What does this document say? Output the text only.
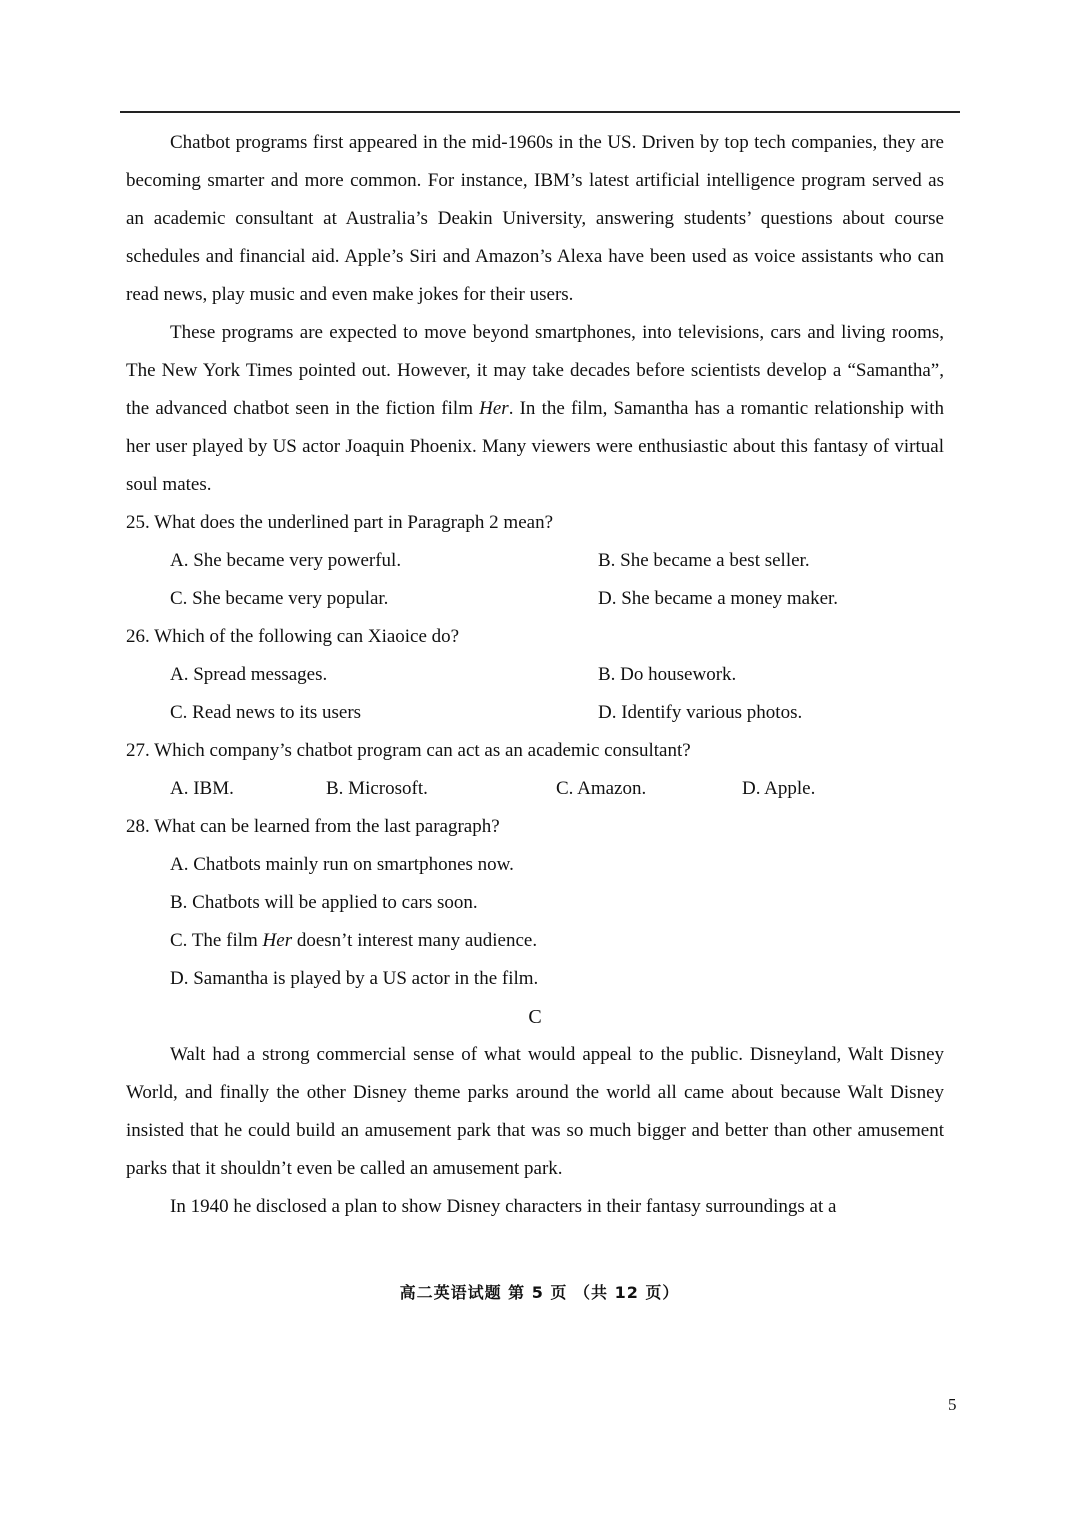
Chatbot programs first appeared in the mid-1960s in the US. Driven by top tech companies, they are becoming smarter and more common. For instance, IBM’s latest artificial intelligence program served as an academic consultant at Australia’s Deakin University, answering students’ questions about course schedules and financial aid. Apple’s Siri and Amazon’s Alexa have been used as voice assistants who can read news, play music and even make jokes for their users.

These programs are expected to move beyond smartphones, into televisions, cars and living rooms, The New York Times pointed out. However, it may take decades before scientists develop a “Samantha”, the advanced chatbot seen in the fiction film Her. In the film, Samantha has a romantic relationship with her user played by US actor Joaquin Phoenix. Many viewers were enthusiastic about this fantasy of virtual soul mates.

25. What does the underlined part in Paragraph 2 mean?

A. She became very powerful.	B. She became a best seller.
C. She became very popular.	D. She became a money maker.

26. Which of the following can Xiaoice do?

A. Spread messages.	B. Do housework.
C. Read news to its users	D. Identify various photos.

27. Which company’s chatbot program can act as an academic consultant?

A. IBM.	B. Microsoft.	C. Amazon.	D. Apple.

28. What can be learned from the last paragraph?

A. Chatbots mainly run on smartphones now.

B. Chatbots will be applied to cars soon.

C. The film Her doesn’t interest many audience.

D. Samantha is played by a US actor in the film.

C

Walt had a strong commercial sense of what would appeal to the public. Disneyland, Walt Disney World, and finally the other Disney theme parks around the world all came about because Walt Disney insisted that he could build an amusement park that was so much bigger and better than other amusement parks that it shouldn’t even be called an amusement park.

In 1940 he disclosed a plan to show Disney characters in their fantasy surroundings at a

高二英语试题 第 5 页 （共 12 页）
5
